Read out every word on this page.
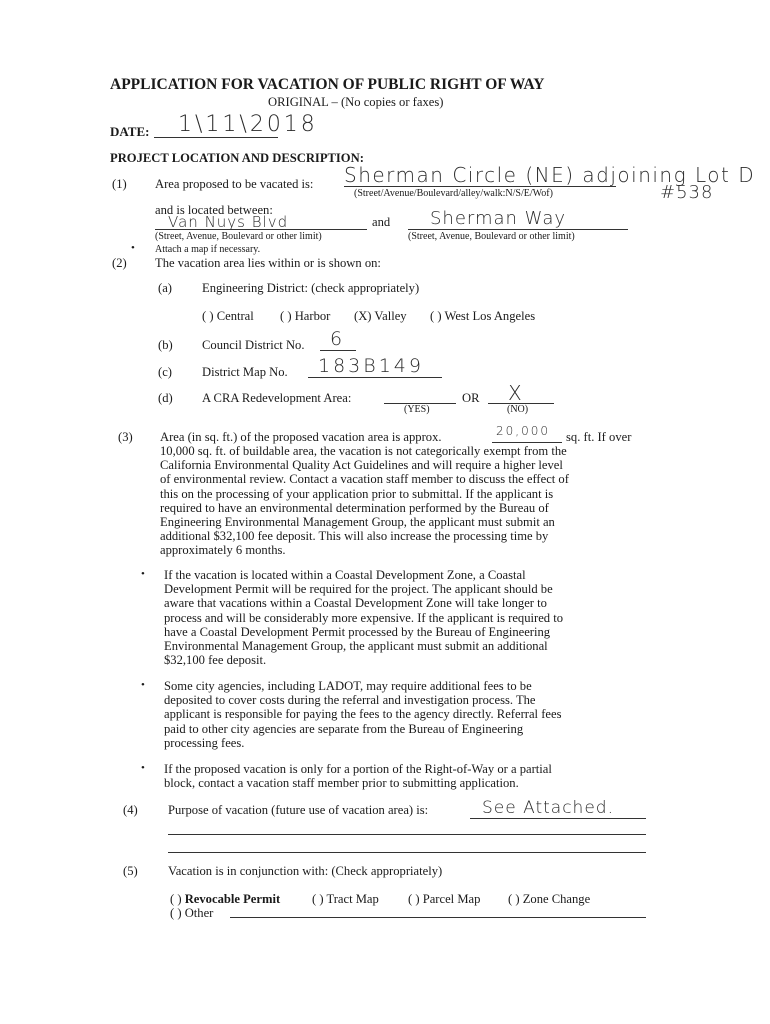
APPLICATION FOR VACATION OF PUBLIC RIGHT OF WAY
ORIGINAL – (No copies or faxes)
DATE: 1\11\2018
PROJECT LOCATION AND DESCRIPTION:
(1) Area proposed to be vacated is: Sherman Circle (NE) adjoining Lot D
#538
(Street/Avenue/Boulevard/alley/walk:N/S/E/Wof)
and is located between:
Van Nuys Blvd	and Sherman Way
(Street, Avenue, Boulevard or other limit)	(Street, Avenue, Boulevard or other limit)
• Attach a map if necessary.
(2) The vacation area lies within or is shown on:
(a) Engineering District: (check appropriately)
( ) Central ( ) Harbor (X) Valley ( ) West Los Angeles
(b) Council District No. 6
(c) District Map No. 183B149
(d) A CRA Redevelopment Area:	OR X
(YES)	(NO)
(3) Area (in sq. ft.) of the proposed vacation area is approx.	20,000 sq. ft. If over
10,000 sq. ft. of buildable area, the vacation is not categorically exempt from the
California Environmental Quality Act Guidelines and will require a higher level
of environmental review. Contact a vacation staff member to discuss the effect of
this on the processing of your application prior to submittal. If the applicant is
required to have an environmental determination performed by the Bureau of
Engineering Environmental Management Group, the applicant must submit an
additional $32,100 fee deposit. This will also increase the processing time by
approximately 6 months.
• If the vacation is located within a Coastal Development Zone, a Coastal
Development Permit will be required for the project. The applicant should be
aware that vacations within a Coastal Development Zone will take longer to
process and will be considerably more expensive. If the applicant is required to
have a Coastal Development Permit processed by the Bureau of Engineering
Environmental Management Group, the applicant must submit an additional
$32,100 fee deposit.
• Some city agencies, including LADOT, may require additional fees to be
deposited to cover costs during the referral and investigation process. The
applicant is responsible for paying the fees to the agency directly. Referral fees
paid to other city agencies are separate from the Bureau of Engineering
processing fees.
• If the proposed vacation is only for a portion of the Right-of-Way or a partial
block, contact a vacation staff member prior to submitting application.
(4) Purpose of vacation (future use of vacation area) is:	See Attached.
(5) Vacation is in conjunction with: (Check appropriately)
( ) Revocable Permit	( ) Tract Map ( ) Parcel Map ( ) Zone Change
( ) Other
